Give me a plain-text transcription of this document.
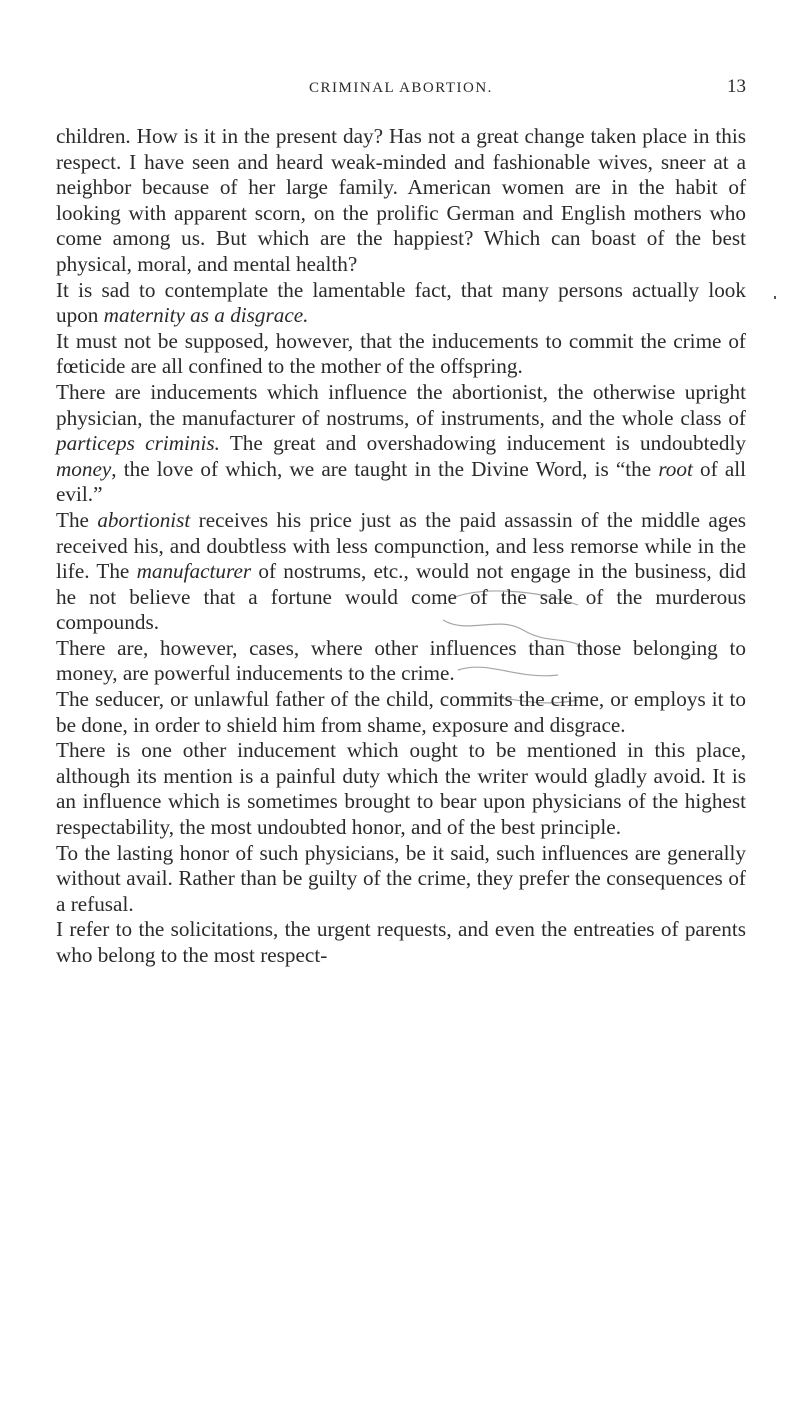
CRIMINAL ABORTION.	13

children. How is it in the present day? Has not a great change taken place in this respect. I have seen and heard weak-minded and fashionable wives, sneer at a neighbor because of her large family. American women are in the habit of looking with apparent scorn, on the prolific German and English mothers who come among us. But which are the happiest? Which can boast of the best physical, moral, and mental health?

It is sad to contemplate the lamentable fact, that many persons actually look upon maternity as a disgrace.

It must not be supposed, however, that the inducements to commit the crime of fœticide are all confined to the mother of the offspring.

There are inducements which influence the abortionist, the otherwise upright physician, the manufacturer of nostrums, of instruments, and the whole class of particeps criminis. The great and overshadowing inducement is undoubtedly money, the love of which, we are taught in the Divine Word, is “the root of all evil.”

The abortionist receives his price just as the paid assassin of the middle ages received his, and doubtless with less compunction, and less remorse while in the life. The manufacturer of nostrums, etc., would not engage in the business, did he not believe that a fortune would come of the sale of the murderous compounds.

There are, however, cases, where other influences than those belonging to money, are powerful inducements to the crime.

The seducer, or unlawful father of the child, commits the crime, or employs it to be done, in order to shield him from shame, exposure and disgrace.

There is one other inducement which ought to be mentioned in this place, although its mention is a painful duty which the writer would gladly avoid. It is an influence which is sometimes brought to bear upon physicians of the highest respectability, the most undoubted honor, and of the best principle.

To the lasting honor of such physicians, be it said, such influences are generally without avail. Rather than be guilty of the crime, they prefer the consequences of a refusal.

I refer to the solicitations, the urgent requests, and even the entreaties of parents who belong to the most respect-
